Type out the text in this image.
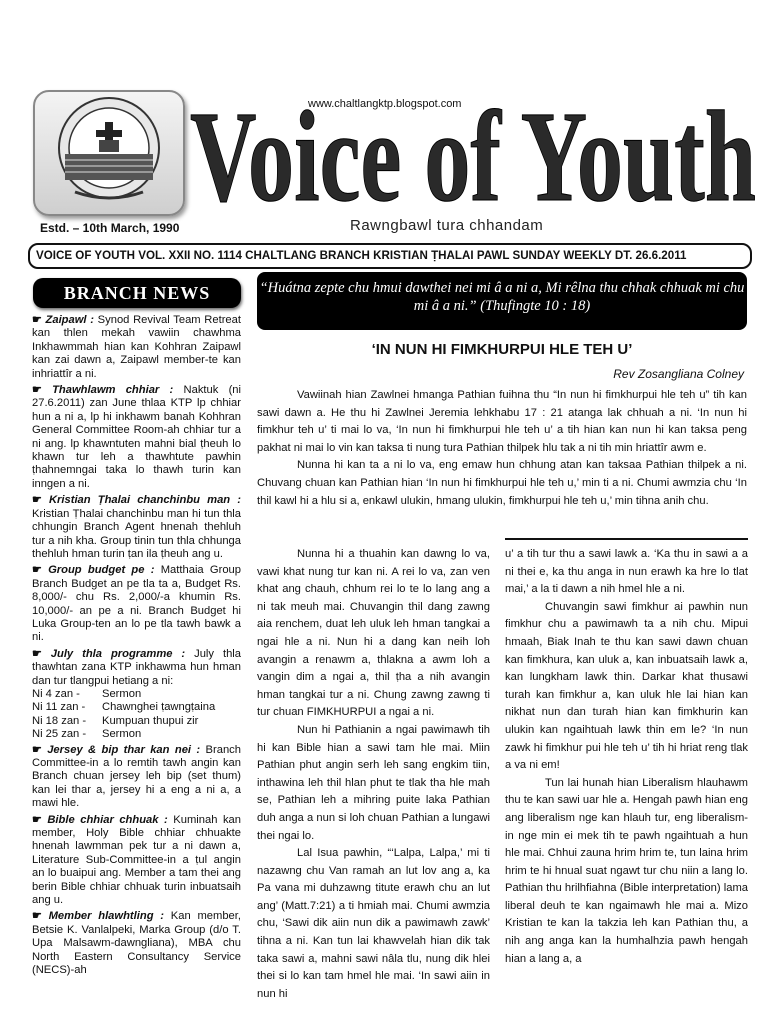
www.chaltlangktp.blogspot.com
Voice of Youth
Estd. – 10th March, 1990	Rawngbawl tura chhandam
VOICE OF YOUTH VOL. XXII NO. 1114 CHALTLANG BRANCH KRISTIAN ṬHALAI PAWL SUNDAY WEEKLY DT. 26.6.2011
BRANCH NEWS

☛ Zaipawl : Synod Revival Team Retreat kan thlen mekah vawiin chawhma Inkhawmmah hian kan Kohhran Zaipawl kan zai dawn a, Zaipawl member-te kan inhriattîr a ni.

☛ Thawhlawm chhiar : Naktuk (ni 27.6.2011) zan June thlaa KTP lp chhiar hun a ni a, lp hi inkhawm banah Kohhran General Committee Room-ah chhiar tur a ni ang. lp khawntuten mahni bial ṭheuh lo khawn tur leh a thawhtute pawhin ṭhahnemngai taka lo thawh turin kan inngen a ni.

☛ Kristian Ṭhalai chanchinbu man : Kristian Ṭhalai chanchinbu man hi tun thla chhungin Branch Agent hnenah thehluh tur a nih kha. Group tinin tun thla chhunga thehluh hman turin ṭan ila ṭheuh ang u.

☛ Group budget pe : Matthaia Group Branch Budget an pe tla ta a, Budget Rs. 8,000/- chu Rs. 2,000/-a khumin Rs. 10,000/- an pe a ni. Branch Budget hi Luka Group-ten an lo pe tla tawh bawk a ni.

☛ July thla programme : July thla thawhtan zana KTP inkhawma hun hman dan tur tlangpui hetiang a ni:

Ni 4 zan -	Sermon
Ni 11 zan -	Chawnghei ṭawngṭaina
Ni 18 zan -	Kumpuan thupui zir
Ni 25 zan -	Sermon

☛ Jersey & bip thar kan nei : Branch Committee-in a lo remtih tawh angin kan Branch chuan jersey leh bip (set thum) kan lei thar a, jersey hi a eng a ni a, a mawi hle.

☛ Bible chhiar chhuak : Kuminah kan member, Holy Bible chhiar chhuakte hnenah lawmman pek tur a ni dawn a, Literature Sub-Committee-in a ṭul angin an lo buaipui ang. Member a tam thei ang berin Bible chhiar chhuak turin inbuatsaih ang u.

☛ Member hlawhtling : Kan member, Betsie K. Vanlalpeki, Marka Group (d/o T. Upa Malsawm-dawngliana), MBA chu North Eastern Consultancy Service (NECS)-ah

“Huátna zepte chu hmui dawthei nei mi â a ni a, Mi rêlna thu chhak chhuak mi chu mi â a ni.” (Thufingte 10 : 18)
‘IN NUN HI FIMKHURPUI HLE TEH U’
Rev Zosangliana Colney

Vawiinah hian Zawlnei hmanga Pathian fuihna thu “In nun hi fimkhurpui hle teh u” tih kan sawi dawn a. He thu hi Zawlnei Jeremia lehkhabu 17 : 21 atanga lak chhuah a ni. ‘In nun hi fimkhur teh u’ ti mai lo va, ‘In nun hi fimkhurpui hle teh u’ a tih hian kan nun hi kan taksa peng pakhat ni mai lo vin kan taksa ti nung tura Pathian thilpek hlu tak a ni tih min hriattîr awm e.

Nunna hi kan ta a ni lo va, eng emaw hun chhung atan kan taksaa Pathian thilpek a ni. Chuvang chuan kan Pathian hian ‘In nun hi fimkhurpui hle teh u,’ min ti a ni. Chumi awmzia chu ‘In thil kawl hi a hlu si a, enkawl ulukin, hmang ulukin, fimkhurpui hle teh u,’ min tihna anih chu.

Nunna hi a thuahin kan dawng lo va, vawi khat nung tur kan ni. A rei lo va, zan ven khat ang chauh, chhum rei lo te lo lang ang a ni tak meuh mai. Chuvangin thil dang zawng aia renchem, duat leh uluk leh hman tangkai a ngai hle a ni. Nun hi a dang kan neih loh avangin a renawm a, thlakna a awm loh a vangin dim a ngai a, thil ṭha a nih avangin hman tangkai tur a ni. Chung zawng zawng ti tur chuan FIMKHURPUI a ngai a ni.

Nun hi Pathianin a ngai pawimawh tih hi kan Bible hian a sawi tam hle mai. Miin Pathian phut angin serh leh sang engkim tiin, inthawina leh thil hlan phut te tlak tha hle mah se, Pathian leh a mihring puite laka Pathian duh anga a nun si loh chuan Pathian a lungawi thei ngai lo.

Lal Isua pawhin, “‘Lalpa, Lalpa,’ mi ti nazawng chu Van ramah an lut lov ang a, ka Pa vana mi duhzawng titute erawh chu an lut ang’ (Matt.7:21) a ti hmiah mai. Chumi awmzia chu, ‘Sawi dik aiin nun dik a pawimawh zawk’ tihna a ni. Kan tun lai khawvelah hian dik tak taka sawi a, mahni sawi nâla tlu, nung dik hlei thei si lo kan tam hmel hle mai. ‘In sawi aiin in nun hi

u’ a tih tur thu a sawi lawk a. ‘Ka thu in sawi a a ni thei e, ka thu anga in nun erawh ka hre lo tlat mai,’ a la ti dawn a nih hmel hle a ni.

Chuvangin sawi fimkhur ai pawhin nun fimkhur chu a pawimawh ta a nih chu. Mipui hmaah, Biak Inah te thu kan sawi dawn chuan kan fimkhura, kan uluk a, kan inbuatsaih lawk a, kan lungkham lawk thin. Darkar khat thusawi turah kan fimkhur a, kan uluk hle lai hian kan nikhat nun dan turah hian kan fimkhurin kan ulukin kan ngaihtuah lawk thin em le? ‘In nun zawk hi fimkhur pui hle teh u’ tih hi hriat reng tlak a va ni em!

Tun lai hunah hian Liberalism hlauhawm thu te kan sawi uar hle a. Hengah pawh hian eng ang liberalism nge kan hlauh tur, eng liberalism-in nge min ei mek tih te pawh ngaihtuah a hun hle mai. Chhui zauna hrim hrim te, tun laina hrim hrim te hi hnual suat ngawt tur chu niin a lang lo. Pathian thu hrilhfiahna (Bible interpretation) lama liberal deuh te kan ngaimawh hle mai a. Mizo Kristian te kan la takzia leh kan Pathian thu, a nih ang anga kan la humhalhzia pawh hengah hian a lang a, a
